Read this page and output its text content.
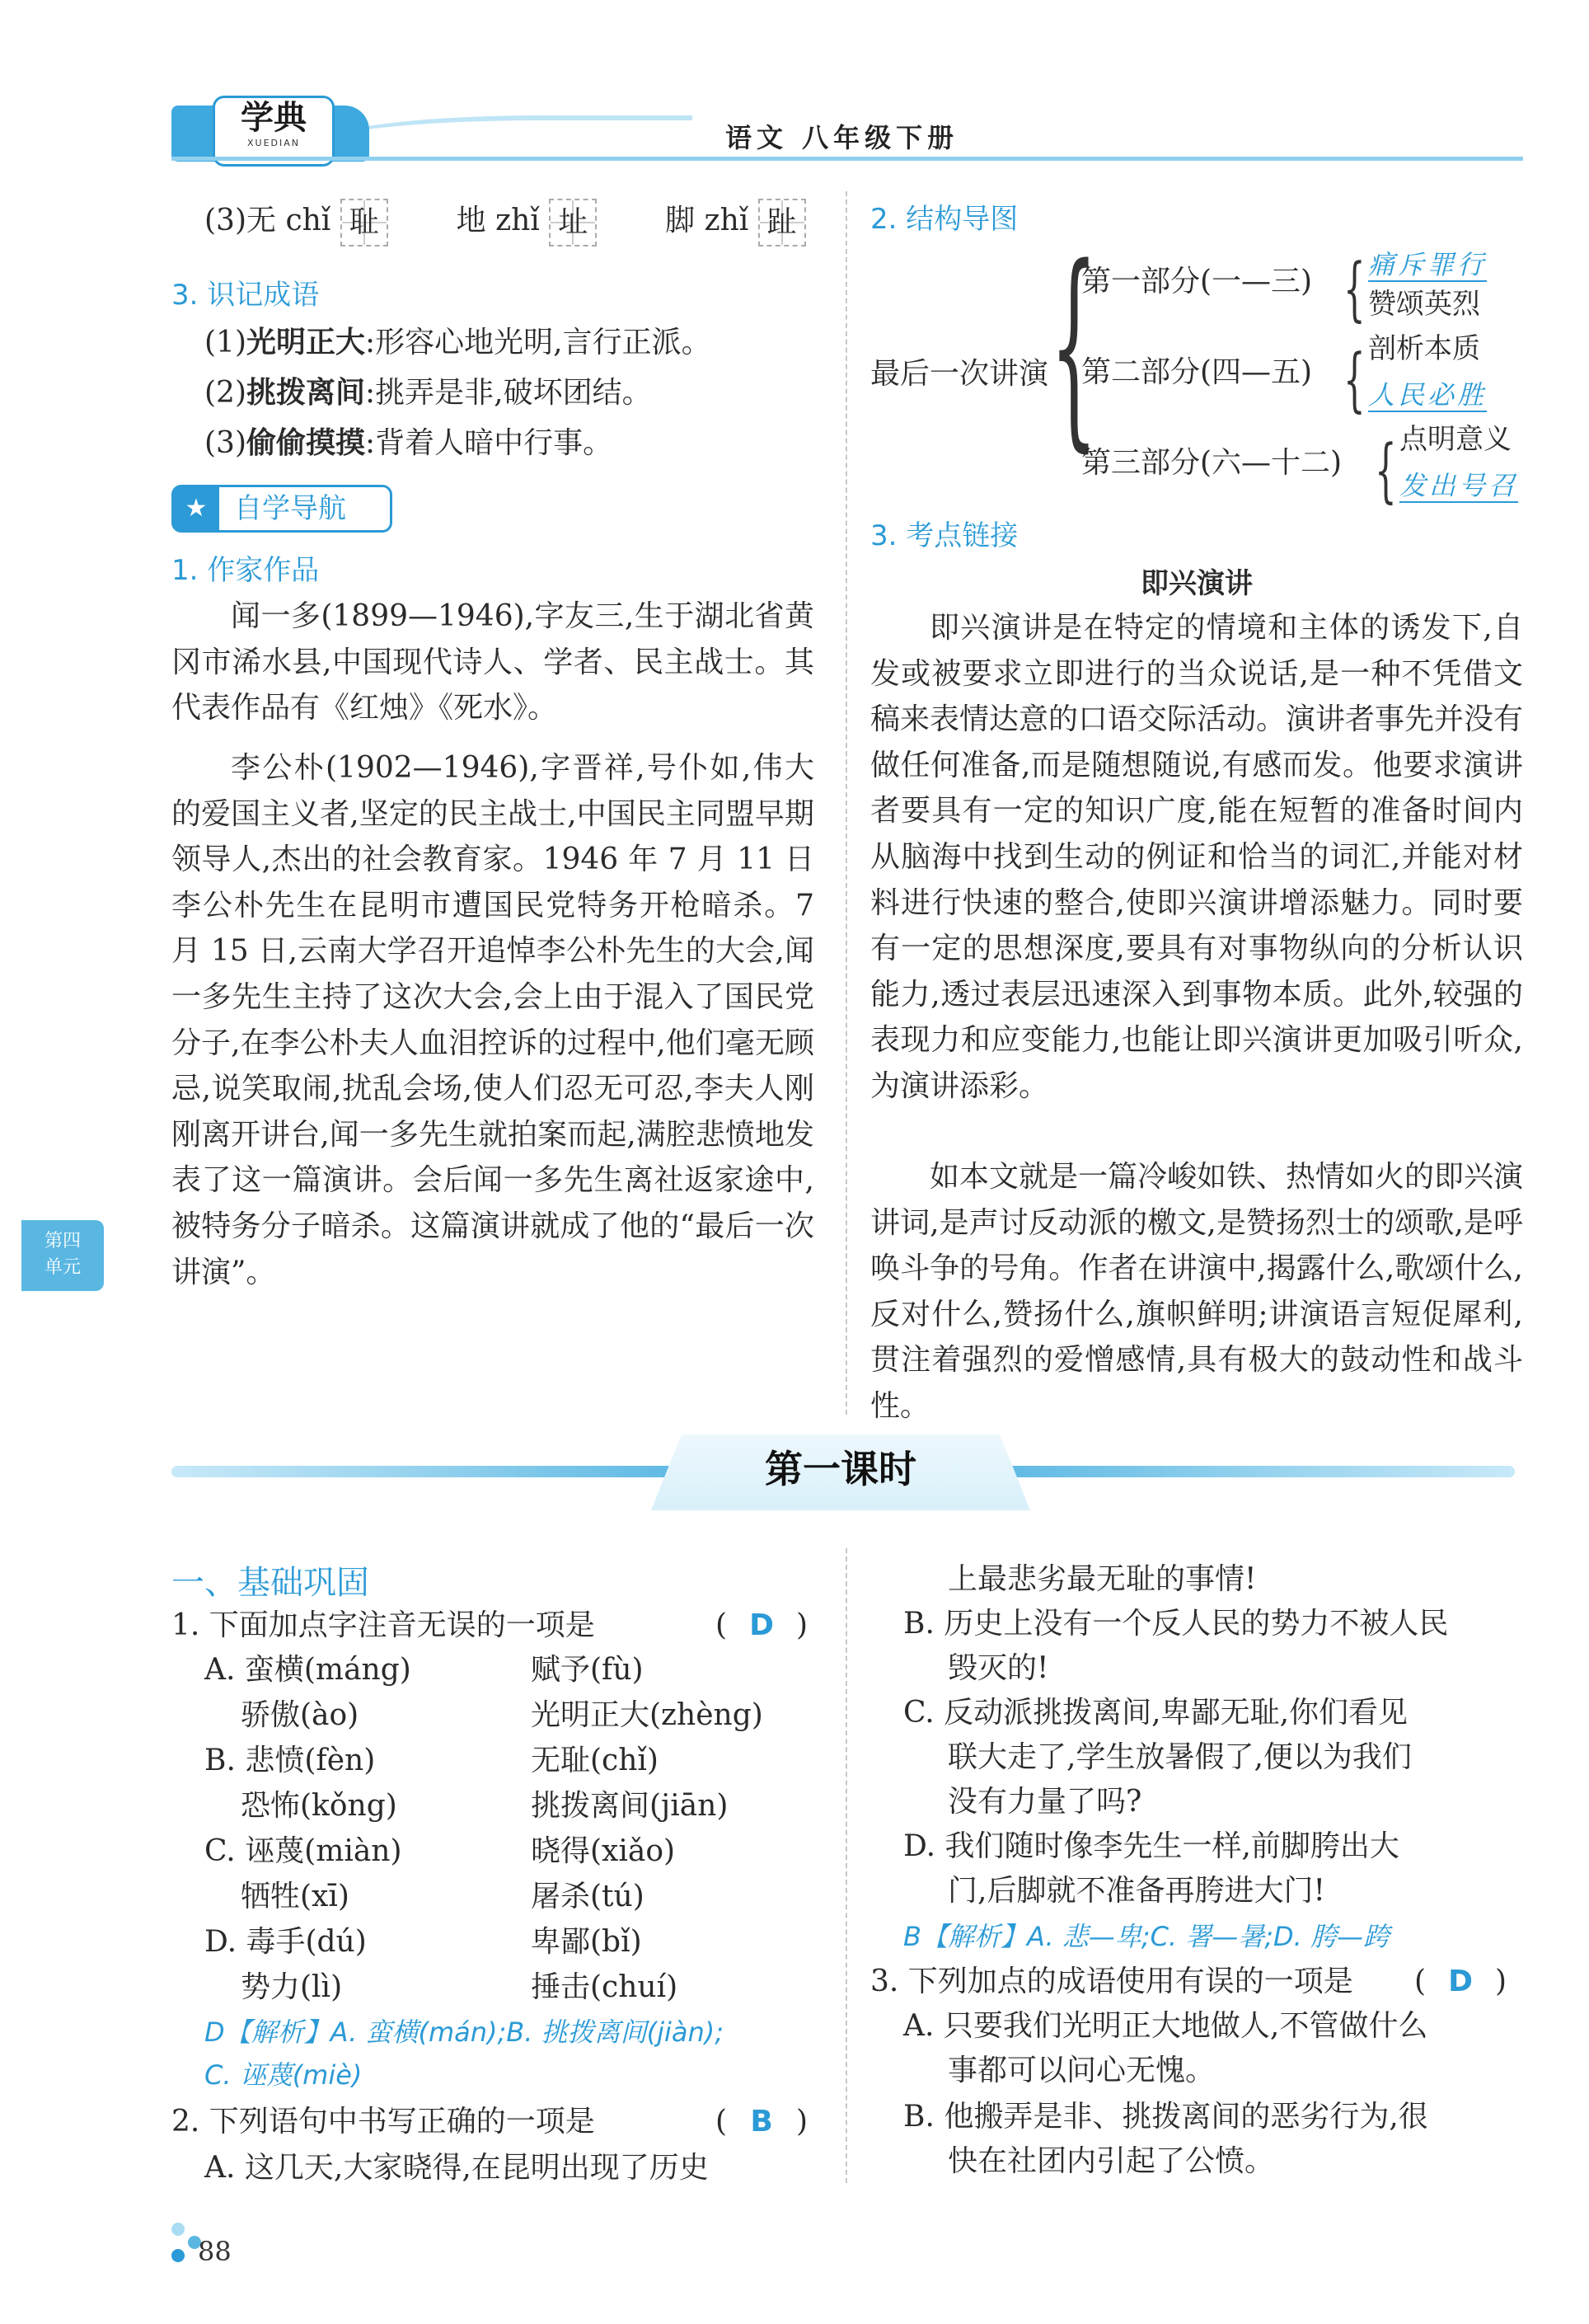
学典
XUEDIAN	语文 八年级下册
第四
单元
(3)无 chǐ 耻	地 zhǐ 址	脚 zhǐ 趾
3. 识记成语
(1)光明正大:形容心地光明,言行正派。
(2)挑拨离间:挑弄是非,破坏团结。
(3)偷偷摸摸:背着人暗中行事。
★ 自学导航
1. 作家作品
闻一多(1899—1946),字友三,生于湖北省黄冈市浠水县,中国现代诗人、学者、民主战士。其代表作品有《红烛》《死水》。
李公朴(1902—1946),字晋祥,号仆如,伟大的爱国主义者,坚定的民主战士,中国民主同盟早期领导人,杰出的社会教育家。1946 年 7 月 11 日李公朴先生在昆明市遭国民党特务开枪暗杀。7 月 15 日,云南大学召开追悼李公朴先生的大会,闻一多先生主持了这次大会,会上由于混入了国民党分子,在李公朴夫人血泪控诉的过程中,他们毫无顾忌,说笑取闹,扰乱会场,使人们忍无可忍,李夫人刚刚离开讲台,闻一多先生就拍案而起,满腔悲愤地发表了这一篇演讲。会后闻一多先生离社返家途中,被特务分子暗杀。这篇演讲就成了他的“最后一次讲演”。
2. 结构导图
最后一次讲演 {
第一部分(一—三) { 痛斥罪行
赞颂英烈
第二部分(四—五) { 剖析本质
人民必胜
第三部分(六—十二) { 点明意义
发出号召
3. 考点链接
即兴演讲
即兴演讲是在特定的情境和主体的诱发下,自发或被要求立即进行的当众说话,是一种不凭借文稿来表情达意的口语交际活动。演讲者事先并没有做任何准备,而是随想随说,有感而发。他要求演讲者要具有一定的知识广度,能在短暂的准备时间内从脑海中找到生动的例证和恰当的词汇,并能对材料进行快速的整合,使即兴演讲增添魅力。同时要有一定的思想深度,要具有对事物纵向的分析认识能力,透过表层迅速深入到事物本质。此外,较强的表现力和应变能力,也能让即兴演讲更加吸引听众,为演讲添彩。
如本文就是一篇冷峻如铁、热情如火的即兴演讲词,是声讨反动派的檄文,是赞扬烈士的颂歌,是呼唤斗争的号角。作者在讲演中,揭露什么,歌颂什么,反对什么,赞扬什么,旗帜鲜明;讲演语言短促犀利,贯注着强烈的爱憎感情,具有极大的鼓动性和战斗性。
第一课时
一、基础巩固
1. 下面加点字注音无误的一项是	( D )
A. 蛮横(máng)	赋予(fù)
骄傲(ào)	光明正大(zhèng)
B. 悲愤(fèn)	无耻(chǐ)
恐怖(kǒng)	挑拨离间(jiān)
C. 诬蔑(miàn)	晓得(xiǎo)
牺牲(xī)	屠杀(tú)
D. 毒手(dú)	卑鄙(bǐ)
势力(lì)	捶击(chuí)
D【解析】A. 蛮横(mán);B. 挑拨离间(jiàn);
C. 诬蔑(miè)
2. 下列语句中书写正确的一项是	( B )
A. 这几天,大家晓得,在昆明出现了历史
上最悲劣最无耻的事情!
B. 历史上没有一个反人民的势力不被人民
毁灭的!
C. 反动派挑拨离间,卑鄙无耻,你们看见
联大走了,学生放暑假了,便以为我们
没有力量了吗?
D. 我们随时像李先生一样,前脚胯出大
门,后脚就不准备再胯进大门!
B【解析】A. 悲—卑;C. 署—暑;D. 胯—跨
3. 下列加点的成语使用有误的一项是 ( D )
A. 只要我们光明正大地做人,不管做什么
事都可以问心无愧。
B. 他搬弄是非、挑拨离间的恶劣行为,很
快在社团内引起了公愤。
88
